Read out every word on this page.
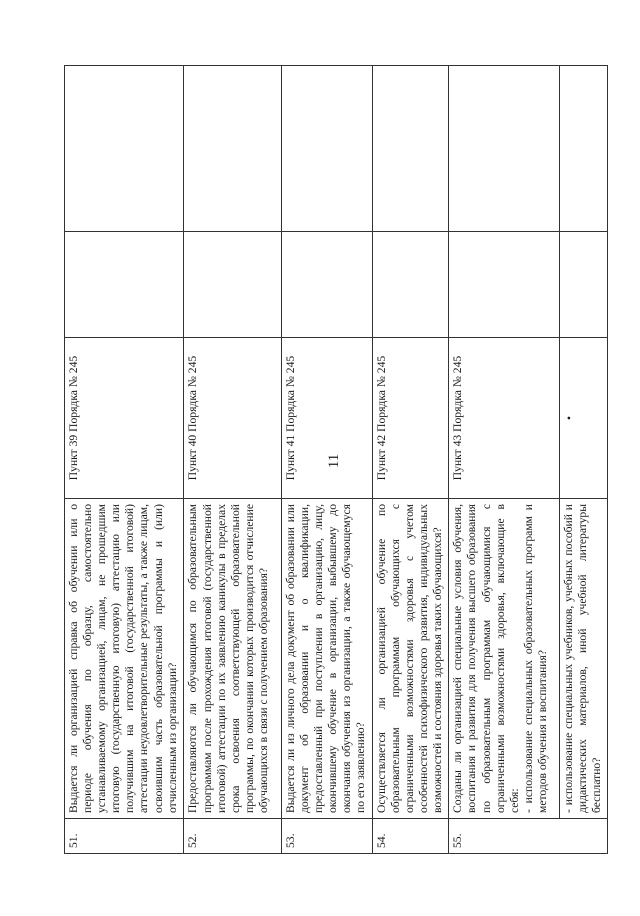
11
51.	Выдается ли организацией справка об обучении или о периоде обучения по образцу, самостоятельно устанавливаемому организацией, лицам, не прошедшим итоговую (государственную итоговую) аттестацию или получившим на итоговой (государственной итоговой) аттестации неудовлетворительные результаты, а также лицам, освоившим часть образовательной программы и (или) отчисленным из организации?	Пункт 39 Порядка № 245		
52.	Предоставляются ли обучающимся по образовательным программам после прохождения итоговой (государственной итоговой) аттестации по их заявлению каникулы в пределах срока освоения соответствующей образовательной программы, по окончании которых производится отчисление обучающихся в связи с получением образования?	Пункт 40 Порядка № 245		
53.	Выдается ли из личного дела документ об образовании или документ об образовании и о квалификации, предоставленный при поступлении в организацию, лицу, окончившему обучение в организации, выбывшему до окончания обучения из организации, а также обучающемуся по его заявлению?	Пункт 41 Порядка № 245		
54.	Осуществляется ли организацией обучение по образовательным программам обучающихся с ограниченными возможностями здоровья с учетом особенностей психофизического развития, индивидуальных возможностей и состояния здоровья таких обучающихся?	Пункт 42 Порядка № 245		
55.	Созданы ли организацией специальные условия обучения, воспитания и развития для получения высшего образования по образовательным программам обучающимися с ограниченными возможностями здоровья, включающие в себя: - использование специальных образовательных программ и методов обучения и воспитания?	Пункт 43 Порядка № 245		
	- использование специальных учебников, учебных пособий и дидактических материалов, иной учебной литературы бесплатно?	•		
